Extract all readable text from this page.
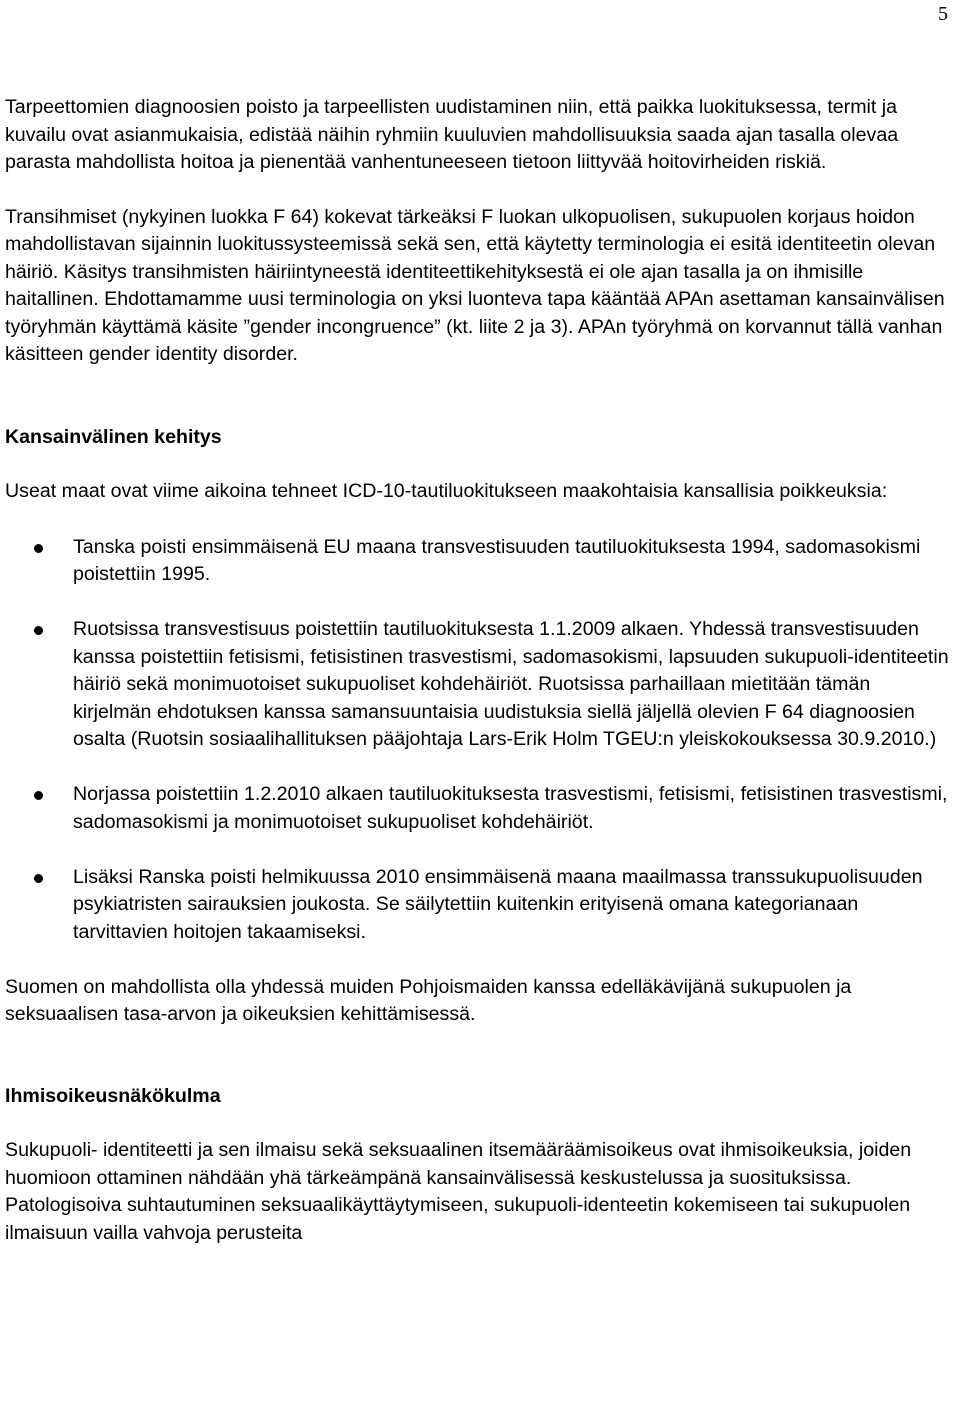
5

Tarpeettomien diagnoosien poisto ja tarpeellisten uudistaminen niin, että paikka luokituksessa, termit ja kuvailu ovat asianmukaisia, edistää näihin ryhmiin kuuluvien mahdollisuuksia saada ajan tasalla olevaa parasta mahdollista hoitoa ja pienentää vanhentuneeseen tietoon liittyvää hoitovirheiden riskiä.

Transihmiset (nykyinen luokka F 64) kokevat tärkeäksi F luokan ulkopuolisen, sukupuolen korjaus hoidon mahdollistavan sijainnin luokitussysteemissä sekä sen, että käytetty terminologia ei esitä identiteetin olevan häiriö. Käsitys transihmisten häiriintyneestä identiteettikehityksestä ei ole ajan tasalla ja on ihmisille haitallinen. Ehdottamamme uusi terminologia on yksi luonteva tapa kääntää APAn asettaman kansainvälisen työryhmän käyttämä käsite ”gender incongruence” (kt. liite 2 ja 3). APAn työryhmä on korvannut tällä vanhan käsitteen gender identity disorder.

Kansainvälinen kehitys

Useat maat ovat viime aikoina tehneet ICD-10-tautiluokitukseen maakohtaisia kansallisia poikkeuksia:

Tanska poisti ensimmäisenä EU maana transvestisuuden tautiluokituksesta 1994, sadomasokismi poistettiin 1995.
Ruotsissa transvestisuus poistettiin tautiluokituksesta 1.1.2009 alkaen. Yhdessä transvestisuuden kanssa poistettiin fetisismi, fetisistinen trasvestismi, sadomasokismi, lapsuuden sukupuoli-identiteetin häiriö sekä monimuotoiset sukupuoliset kohdehäiriöt. Ruotsissa parhaillaan mietitään tämän kirjelmän ehdotuksen kanssa samansuuntaisia uudistuksia siellä jäljellä olevien F 64 diagnoosien osalta (Ruotsin sosiaalihallituksen pääjohtaja Lars-Erik Holm TGEU:n yleiskokouksessa 30.9.2010.)
Norjassa poistettiin 1.2.2010 alkaen tautiluokituksesta trasvestismi, fetisismi, fetisistinen trasvestismi, sadomasokismi ja monimuotoiset sukupuoliset kohdehäiriöt.
Lisäksi Ranska poisti helmikuussa 2010 ensimmäisenä maana maailmassa transsukupuolisuuden psykiatristen sairauksien joukosta. Se säilytettiin kuitenkin erityisenä omana kategorianaan tarvittavien hoitojen takaamiseksi.

Suomen on mahdollista olla yhdessä muiden Pohjoismaiden kanssa edelläkävijänä sukupuolen ja seksuaalisen tasa-arvon ja oikeuksien kehittämisessä.

Ihmisoikeusnäkökulma

Sukupuoli- identiteetti ja sen ilmaisu sekä seksuaalinen itsemääräämisoikeus ovat ihmisoikeuksia, joiden huomioon ottaminen nähdään yhä tärkeämpänä kansainvälisessä keskustelussa ja suosituksissa. Patologisoiva suhtautuminen seksuaalikäyttäytymiseen, sukupuoli-identeetin kokemiseen tai sukupuolen ilmaisuun vailla vahvoja perusteita
